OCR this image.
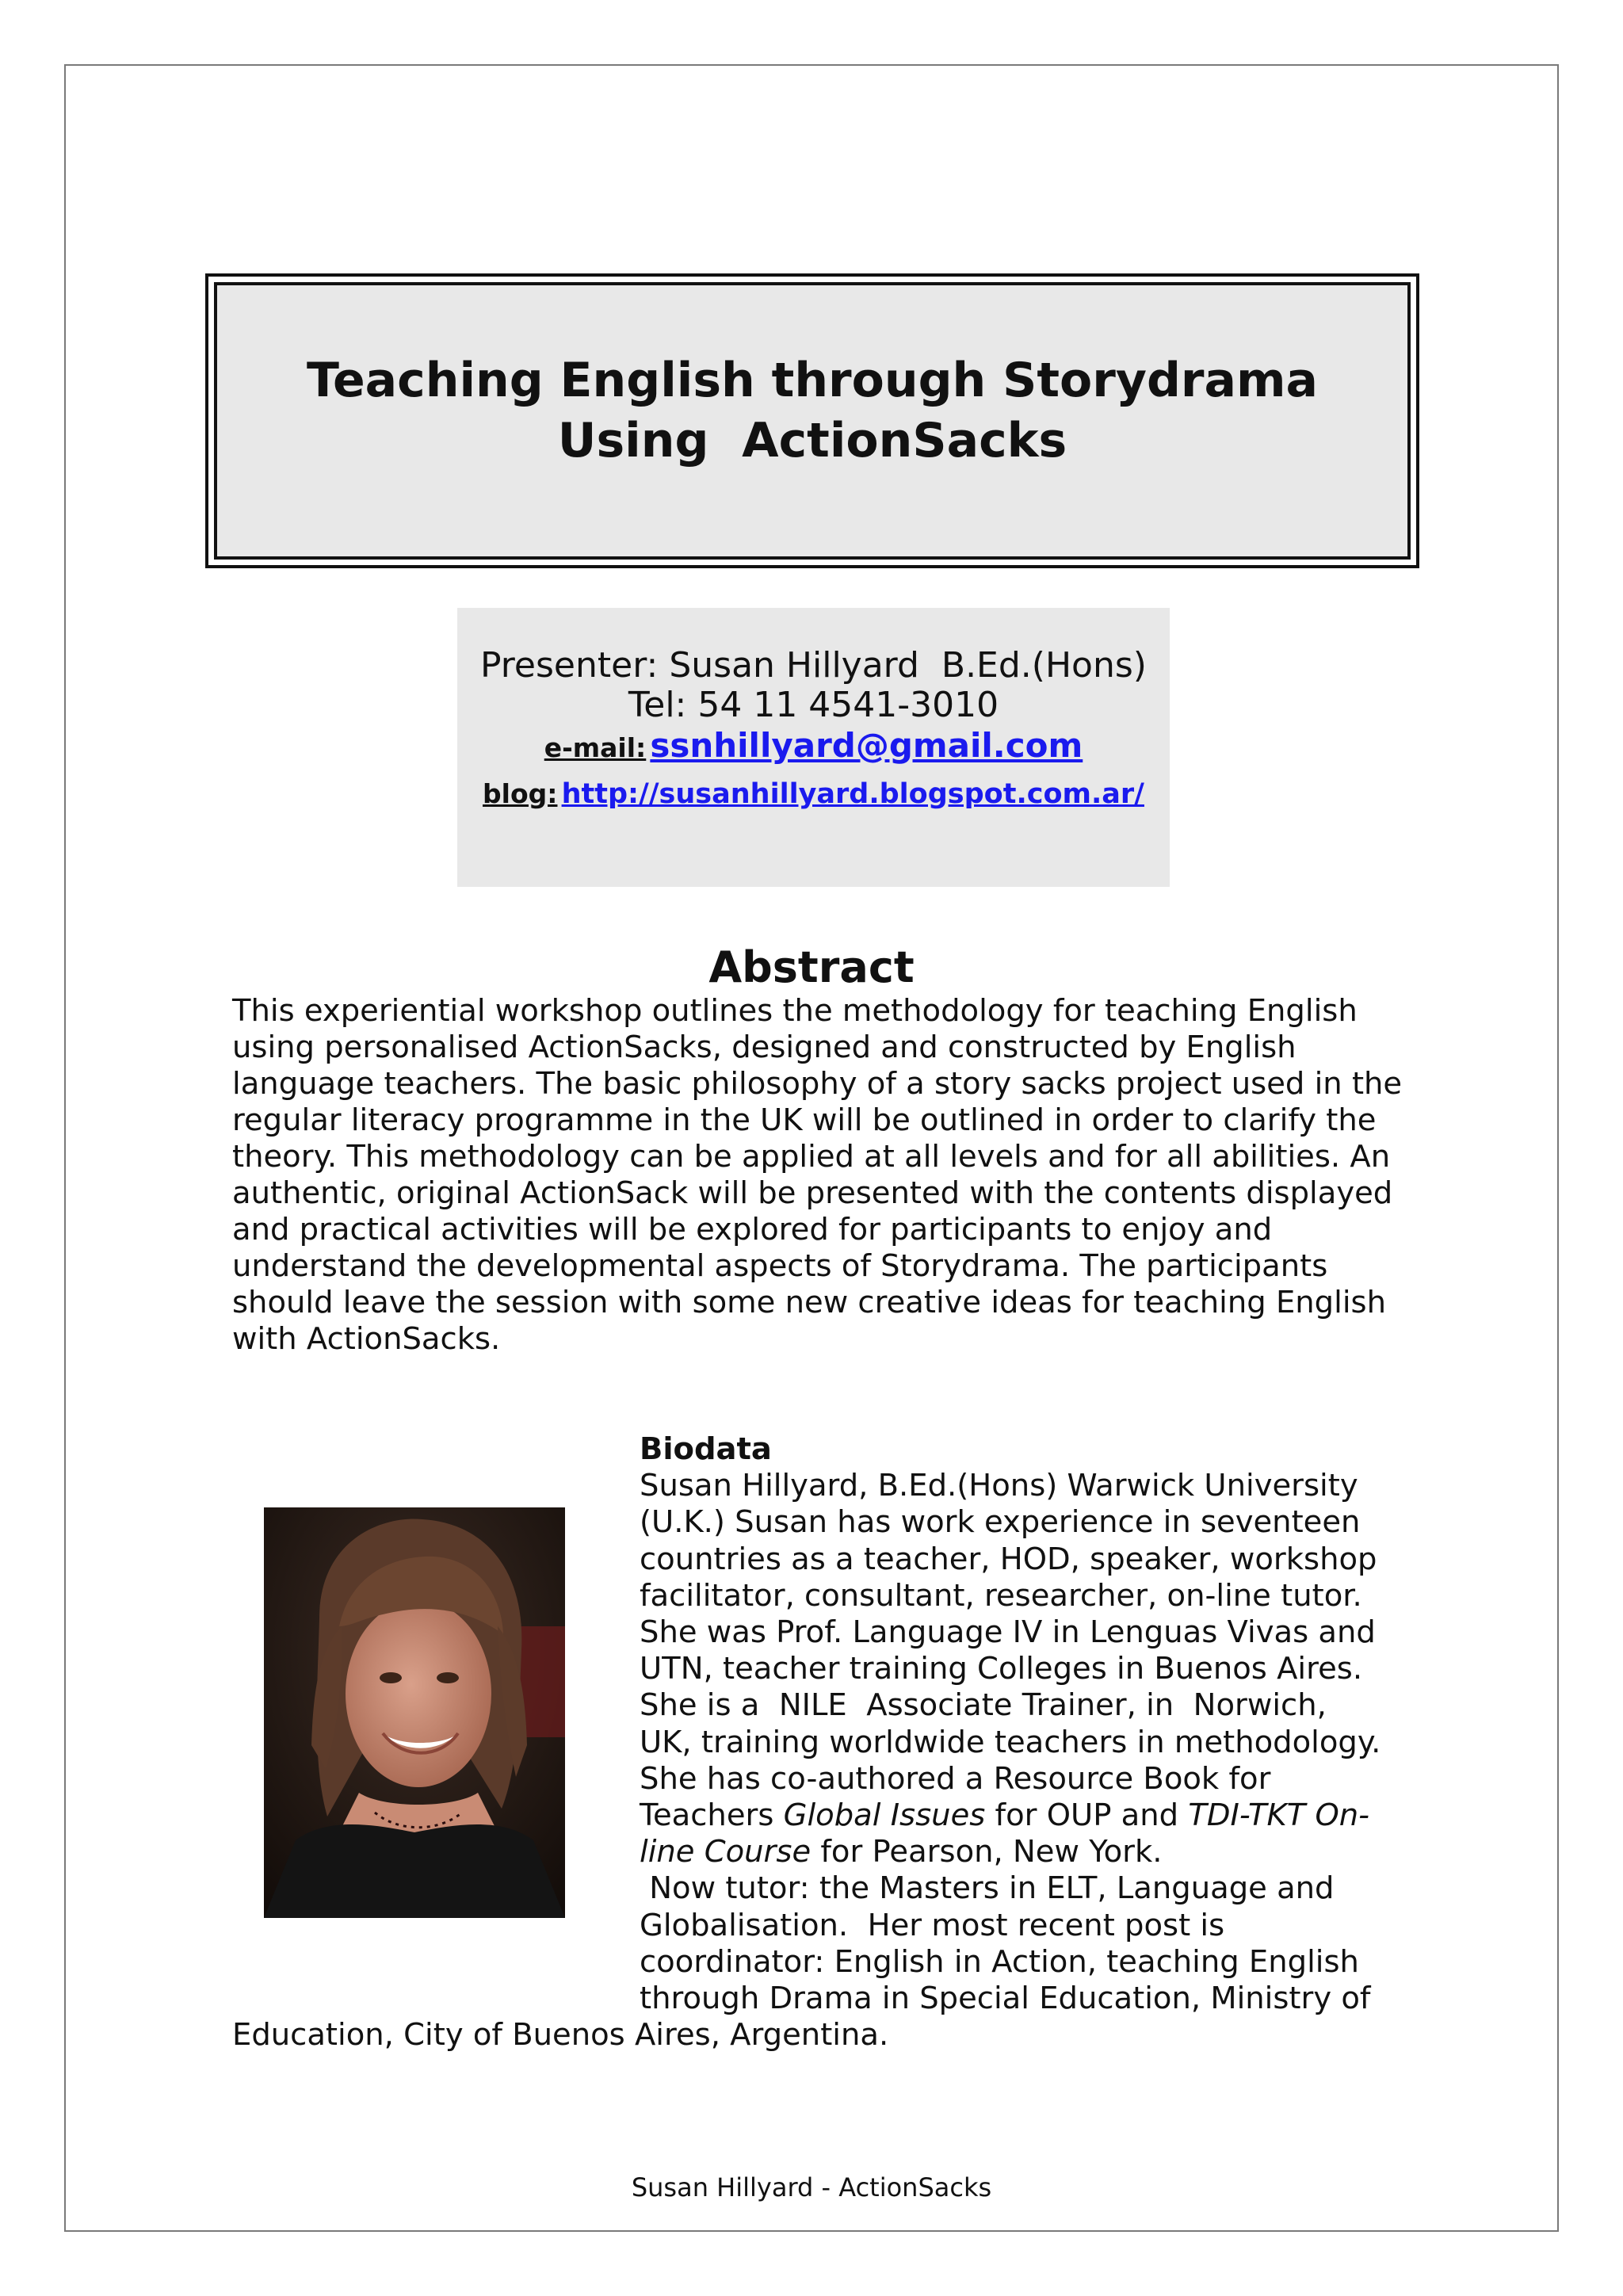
Teaching English through Storydrama
Using  ActionSacks
Presenter: Susan Hillyard  B.Ed.(Hons)
Tel: 54 11 4541-3010
e-mail: ssnhillyard@gmail.com
blog: http://susanhillyard.blogspot.com.ar/
Abstract

This experiential workshop outlines the methodology for teaching English
using personalised ActionSacks, designed and constructed by English
language teachers. The basic philosophy of a story sacks project used in the
regular literacy programme in the UK will be outlined in order to clarify the
theory. This methodology can be applied at all levels and for all abilities. An
authentic, original ActionSack will be presented with the contents displayed
and practical activities will be explored for participants to enjoy and
understand the developmental aspects of Storydrama. The participants
should leave the session with some new creative ideas for teaching English
with ActionSacks.

Biodata
Susan Hillyard, B.Ed.(Hons) Warwick University
(U.K.) Susan has work experience in seventeen
countries as a teacher, HOD, speaker, workshop
facilitator, consultant, researcher, on-line tutor.
She was Prof. Language IV in Lenguas Vivas and
UTN, teacher training Colleges in Buenos Aires.
She is a  NILE  Associate Trainer, in  Norwich,
UK, training worldwide teachers in methodology.
She has co-authored a Resource Book for
Teachers Global Issues for OUP and TDI-TKT On-
line Course for Pearson, New York.
Now tutor: the Masters in ELT, Language and
Globalisation.  Her most recent post is
coordinator: English in Action, teaching English
through Drama in Special Education, Ministry of
Education, City of Buenos Aires, Argentina.
Susan Hillyard - ActionSacks
